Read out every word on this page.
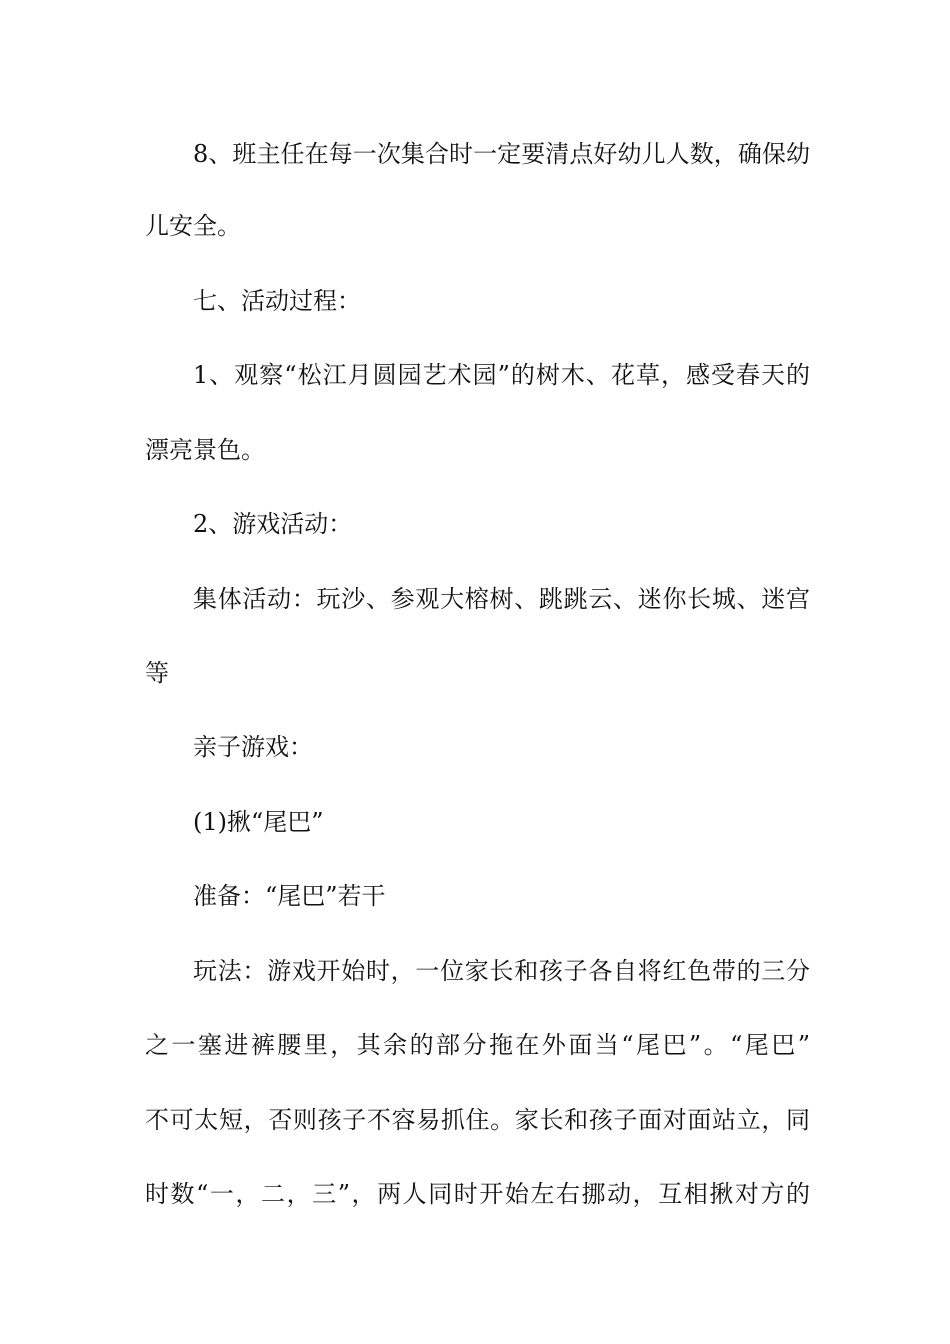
8、班主任在每一次集合时一定要清点好幼儿人数，确保幼
儿安全。
七、活动过程：
1、观察“松江月圆园艺术园”的树木、花草，感受春天的
漂亮景色。
2、游戏活动：
集体活动：玩沙、参观大榕树、跳跳云、迷你长城、迷宫
等
亲子游戏：
(1)揪“尾巴”
准备：“尾巴”若干
玩法：游戏开始时，一位家长和孩子各自将红色带的三分
之一塞进裤腰里，其余的部分拖在外面当“尾巴”。“尾巴”
不可太短，否则孩子不容易抓住。家长和孩子面对面站立，同
时数“一，二，三”，两人同时开始左右挪动，互相揪对方的
